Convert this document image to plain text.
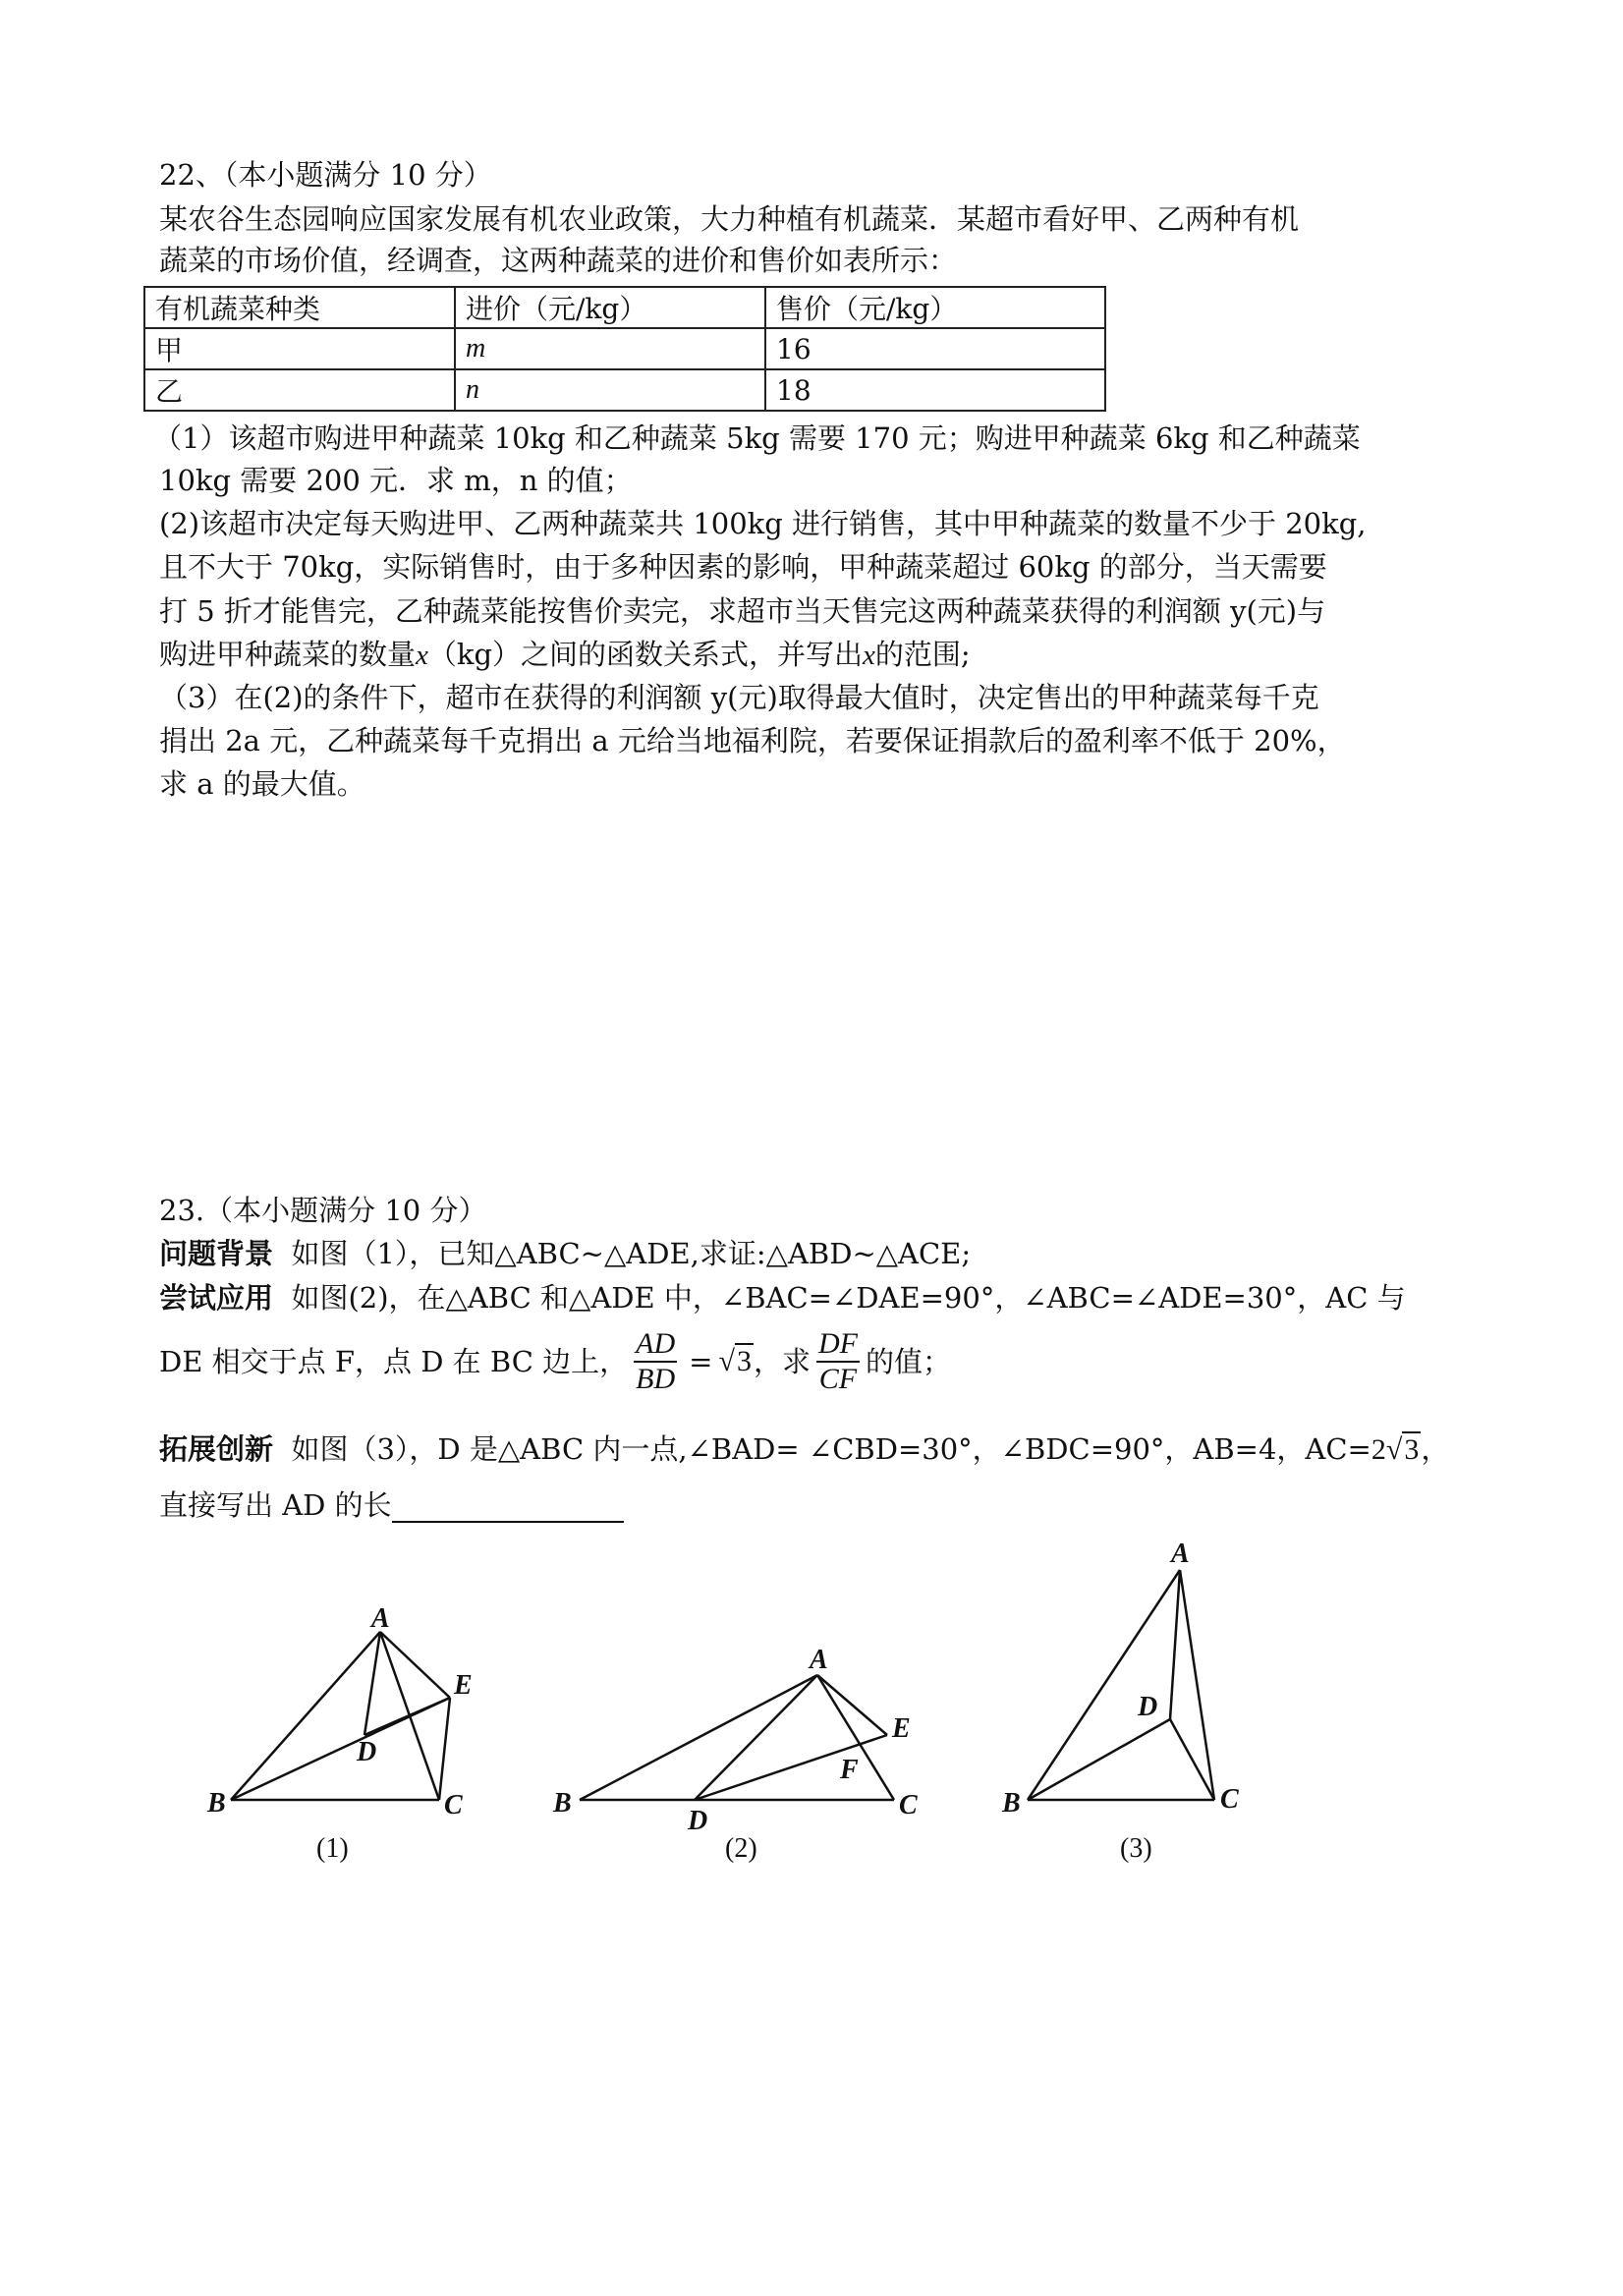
22、（本小题满分 10 分）
某农谷生态园响应国家发展有机农业政策，大力种植有机蔬菜．某超市看好甲、乙两种有机
蔬菜的市场价值，经调查，这两种蔬菜的进价和售价如表所示：
有机蔬菜种类	进价（元/kg）	售价（元/kg）
甲	m	16
乙	n	18
（1）该超市购进甲种蔬菜 10kg 和乙种蔬菜 5kg 需要 170 元；购进甲种蔬菜 6kg 和乙种蔬菜
10kg 需要 200 元．求 m，n 的值；
(2)该超市决定每天购进甲、乙两种蔬菜共 100kg 进行销售，其中甲种蔬菜的数量不少于 20kg,
且不大于 70kg，实际销售时，由于多种因素的影响，甲种蔬菜超过 60kg 的部分，当天需要
打 5 折才能售完，乙种蔬菜能按售价卖完，求超市当天售完这两种蔬菜获得的利润额 y(元)与
购进甲种蔬菜的数量x（kg）之间的函数关系式，并写出x的范围;
（3）在(2)的条件下，超市在获得的利润额 y(元)取得最大值时，决定售出的甲种蔬菜每千克
捐出 2a 元，乙种蔬菜每千克捐出 a 元给当地福利院，若要保证捐款后的盈利率不低于 20%，
求 a 的最大值。
23.（本小题满分 10 分）
问题背景 如图（1），已知△ABC~△ADE,求证:△ABD~△ACE;
尝试应用 如图(2)，在△ABC 和△ADE 中，∠BAC=∠DAE=90°，∠ABC=∠ADE=30°，AC 与
DE 相交于点 F，点 D 在 BC 边上， $\frac{AD}{BD} = √3$ ，求 $\frac{DF}{CF}$ 的值；
拓展创新 如图（3），D 是△ABC 内一点,∠BAD= ∠CBD=30°，∠BDC=90°，AB=4，AC=2√3，
直接写出 AD 的长
A
B	C
D
E
(1)
A
B	C
D
E
F
(2)
A
B	C
D
(3)
